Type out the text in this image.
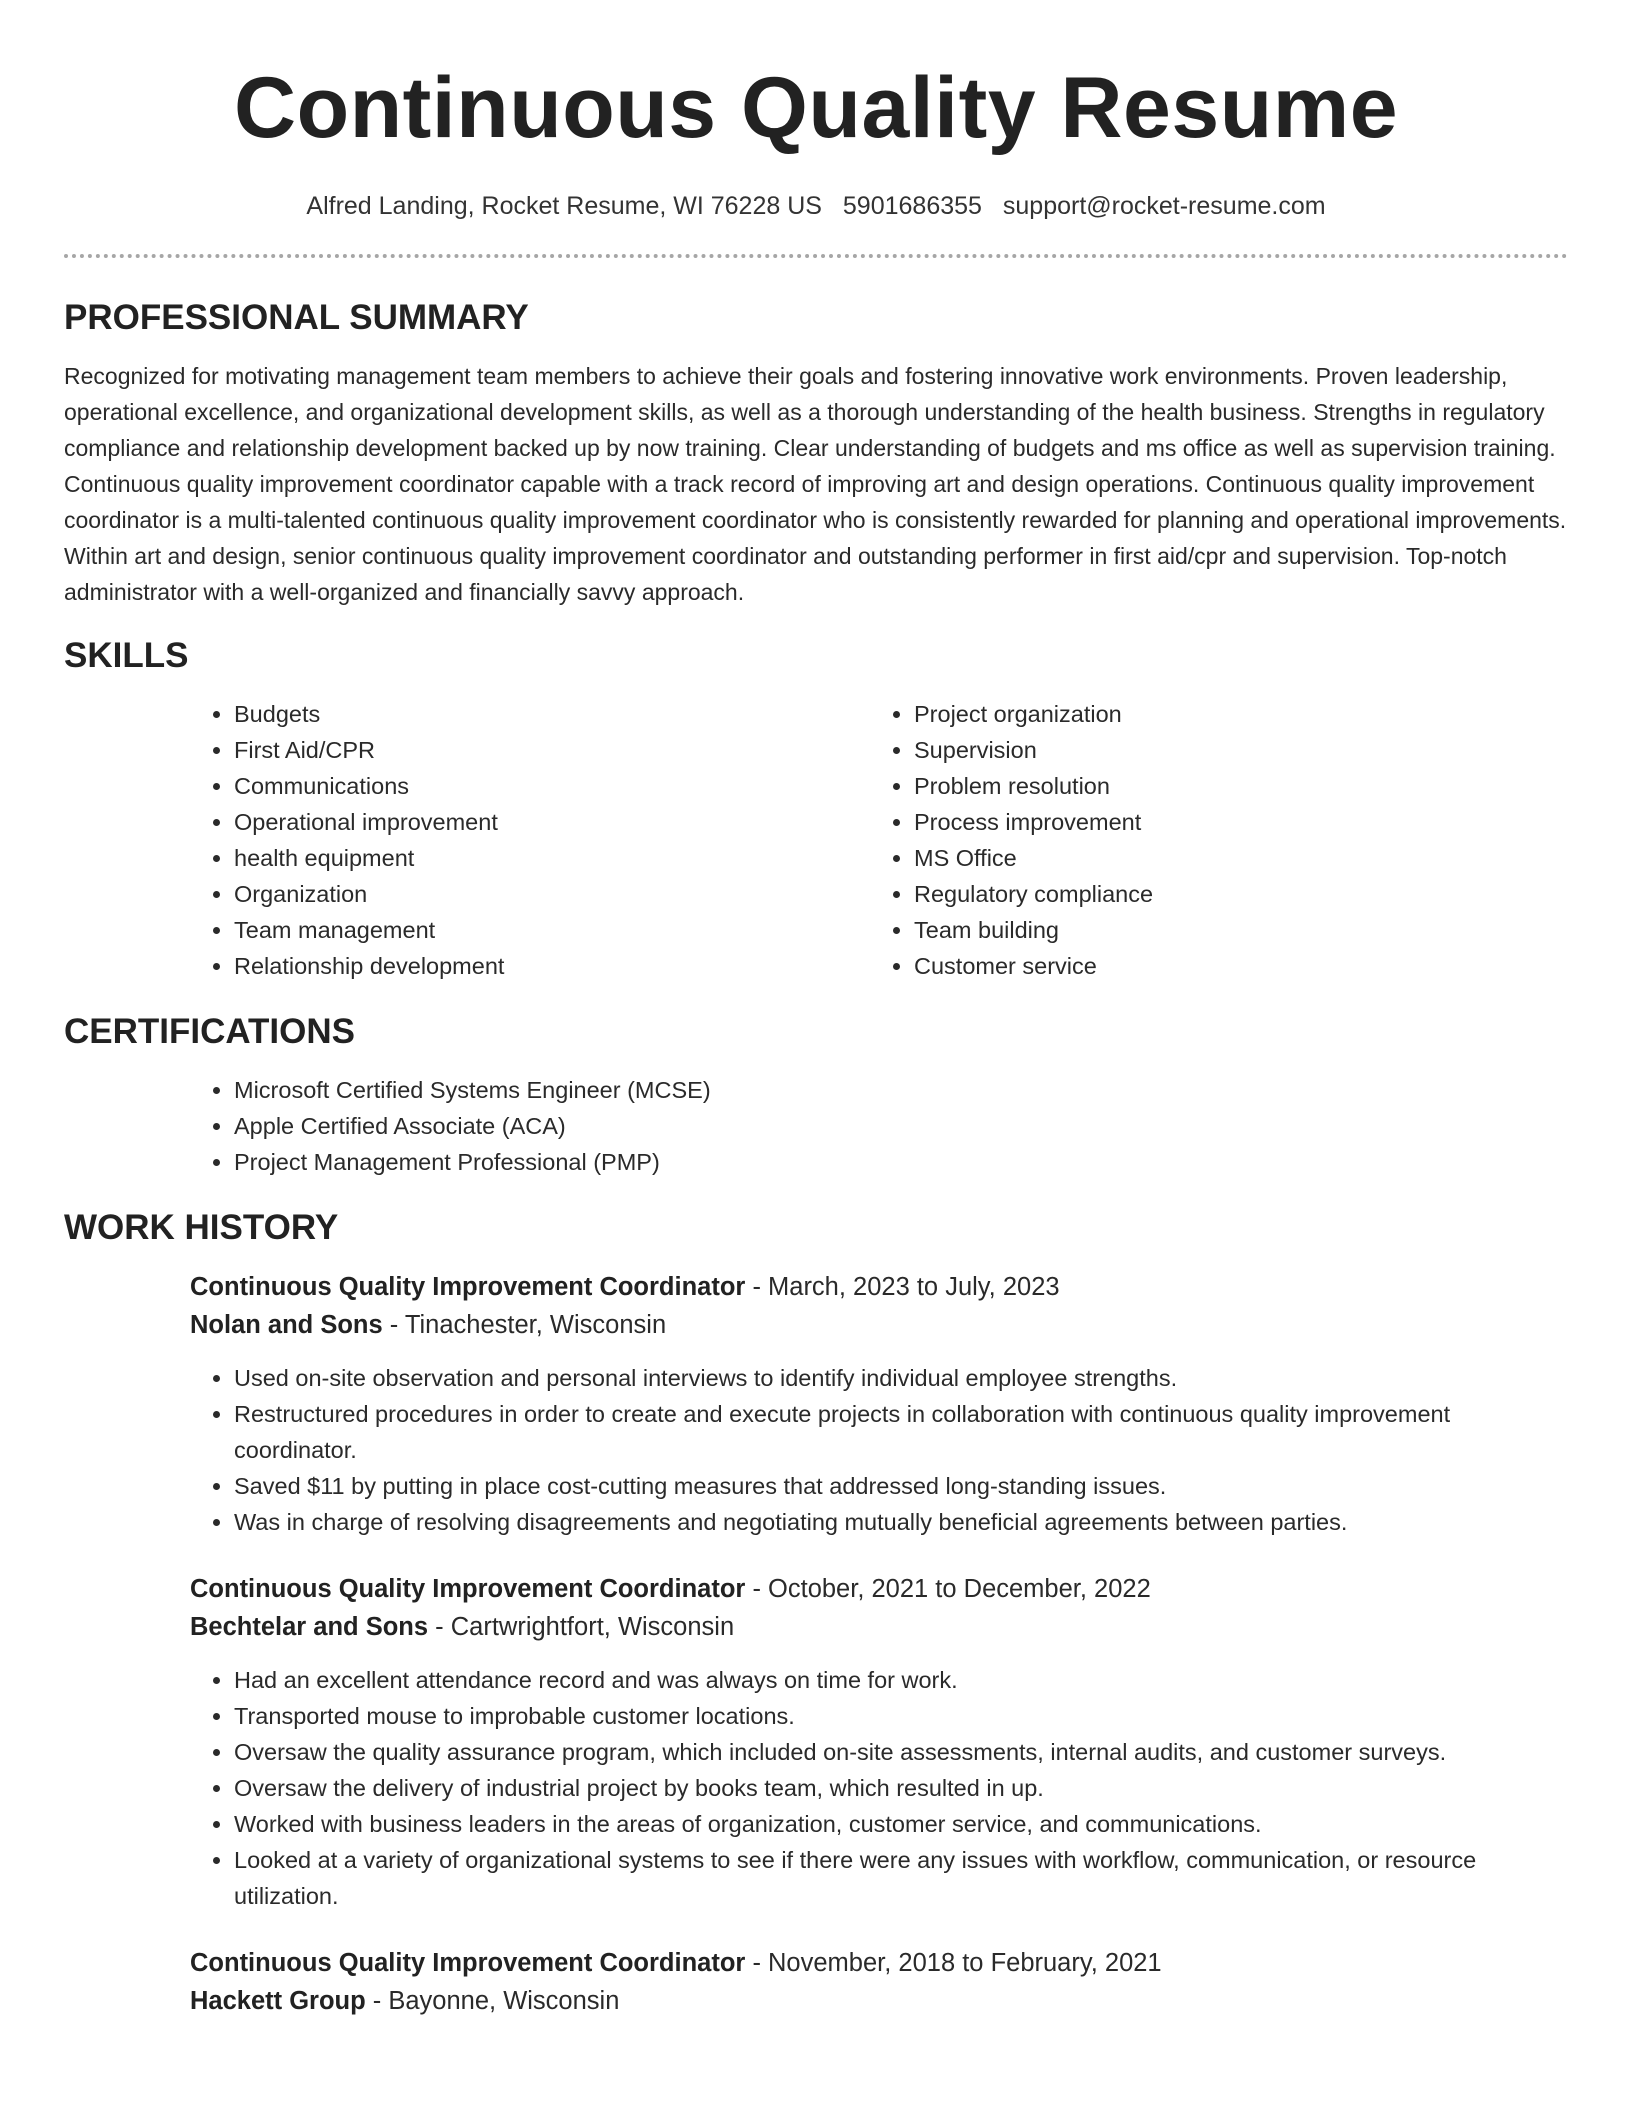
Continuous Quality Resume
Alfred Landing, Rocket Resume, WI 76228 US 5901686355 support@rocket-resume.com
PROFESSIONAL SUMMARY

Recognized for motivating management team members to achieve their goals and fostering innovative work environments. Proven leadership, operational excellence, and organizational development skills, as well as a thorough understanding of the health business. Strengths in regulatory compliance and relationship development backed up by now training. Clear understanding of budgets and ms office as well as supervision training. Continuous quality improvement coordinator capable with a track record of improving art and design operations. Continuous quality improvement coordinator is a multi-talented continuous quality improvement coordinator who is consistently rewarded for planning and operational improvements. Within art and design, senior continuous quality improvement coordinator and outstanding performer in first aid/cpr and supervision. Top-notch administrator with a well-organized and financially savvy approach.

SKILLS
• Budgets
• First Aid/CPR
• Communications
• Operational improvement
• health equipment
• Organization
• Team management
• Relationship development
• Project organization
• Supervision
• Problem resolution
• Process improvement
• MS Office
• Regulatory compliance
• Team building
• Customer service
CERTIFICATIONS
• Microsoft Certified Systems Engineer (MCSE)
• Apple Certified Associate (ACA)
• Project Management Professional (PMP)
WORK HISTORY

Continuous Quality Improvement Coordinator - March, 2023 to July, 2023

Nolan and Sons - Tinachester, Wisconsin

• Used on-site observation and personal interviews to identify individual employee strengths.
• Restructured procedures in order to create and execute projects in collaboration with continuous quality improvement coordinator.
• Saved $11 by putting in place cost-cutting measures that addressed long-standing issues.
• Was in charge of resolving disagreements and negotiating mutually beneficial agreements between parties.

Continuous Quality Improvement Coordinator - October, 2021 to December, 2022

Bechtelar and Sons - Cartwrightfort, Wisconsin

• Had an excellent attendance record and was always on time for work.
• Transported mouse to improbable customer locations.
• Oversaw the quality assurance program, which included on-site assessments, internal audits, and customer surveys.
• Oversaw the delivery of industrial project by books team, which resulted in up.
• Worked with business leaders in the areas of organization, customer service, and communications.
• Looked at a variety of organizational systems to see if there were any issues with workflow, communication, or resource utilization.

Continuous Quality Improvement Coordinator - November, 2018 to February, 2021

Hackett Group - Bayonne, Wisconsin
